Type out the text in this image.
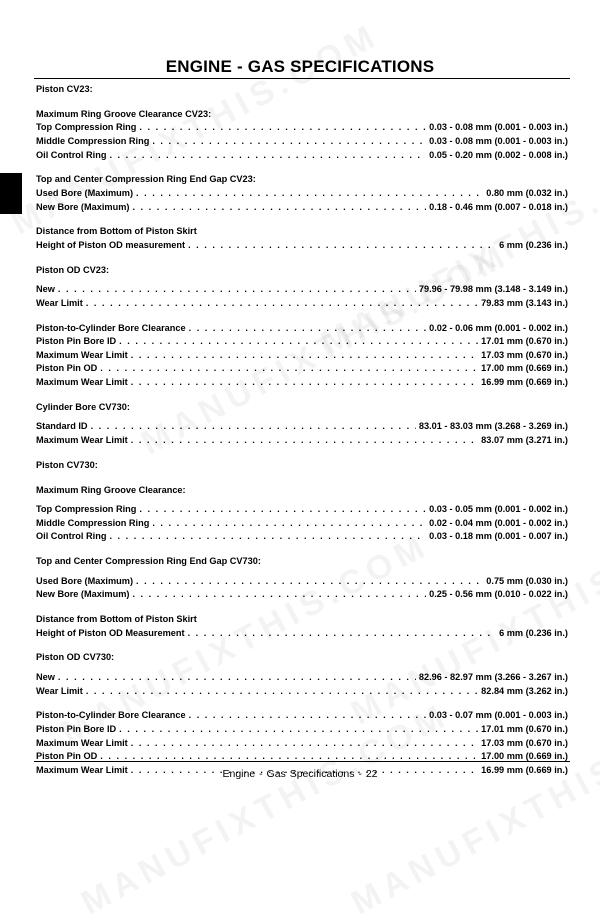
ENGINE - GAS SPECIFICATIONS
Piston CV23:
Maximum Ring Groove Clearance CV23:
Top Compression Ring . . .	0.03 - 0.08 mm (0.001 - 0.003 in.)
Middle Compression Ring . . .	0.03 - 0.08 mm (0.001 - 0.003 in.)
Oil Control Ring . . .	0.05 - 0.20 mm (0.002 - 0.008 in.)
Top and Center Compression Ring End Gap CV23:
Used Bore (Maximum) . . .	0.80 mm (0.032 in.)
New Bore (Maximum) . . .	0.18 - 0.46 mm (0.007 - 0.018 in.)
Distance from Bottom of Piston Skirt
Height of Piston OD measurement . . .	6 mm (0.236 in.)
Piston OD CV23:
New . . .	79.96 - 79.98 mm (3.148 - 3.149 in.)
Wear Limit . . .	79.83 mm (3.143 in.)
Piston-to-Cylinder Bore Clearance . . .	0.02 - 0.06 mm (0.001 - 0.002 in.)
Piston Pin Bore ID . . .	17.01 mm (0.670 in.)
Maximum Wear Limit . . .	17.03 mm (0.670 in.)
Piston Pin OD . . .	17.00 mm (0.669 in.)
Maximum Wear Limit . . .	16.99 mm (0.669 in.)
Cylinder Bore CV730:
Standard ID . . .	83.01 - 83.03 mm (3.268 - 3.269 in.)
Maximum Wear Limit . . .	83.07 mm (3.271 in.)
Piston CV730:
Maximum Ring Groove Clearance:
Top Compression Ring . . .	0.03 - 0.05 mm (0.001 - 0.002 in.)
Middle Compression Ring . . .	0.02 - 0.04 mm (0.001 - 0.002 in.)
Oil Control Ring . . .	0.03 - 0.18 mm (0.001 - 0.007 in.)
Top and Center Compression Ring End Gap CV730:
Used Bore (Maximum) . . .	0.75 mm (0.030 in.)
New Bore (Maximum) . . .	0.25 - 0.56 mm (0.010 - 0.022 in.)
Distance from Bottom of Piston Skirt
Height of Piston OD Measurement . . .	6 mm (0.236 in.)
Piston OD CV730:
New . . .	82.96 - 82.97 mm (3.266 - 3.267 in.)
Wear Limit . . .	82.84 mm (3.262 in.)
Piston-to-Cylinder Bore Clearance . . .	0.03 - 0.07 mm (0.001 - 0.003 in.)
Piston Pin Bore ID . . .	17.01 mm (0.670 in.)
Maximum Wear Limit . . .	17.03 mm (0.670 in.)
Piston Pin OD . . .	17.00 mm (0.669 in.)
Maximum Wear Limit . . .	16.99 mm (0.669 in.)
Engine - Gas Specifications - 22
